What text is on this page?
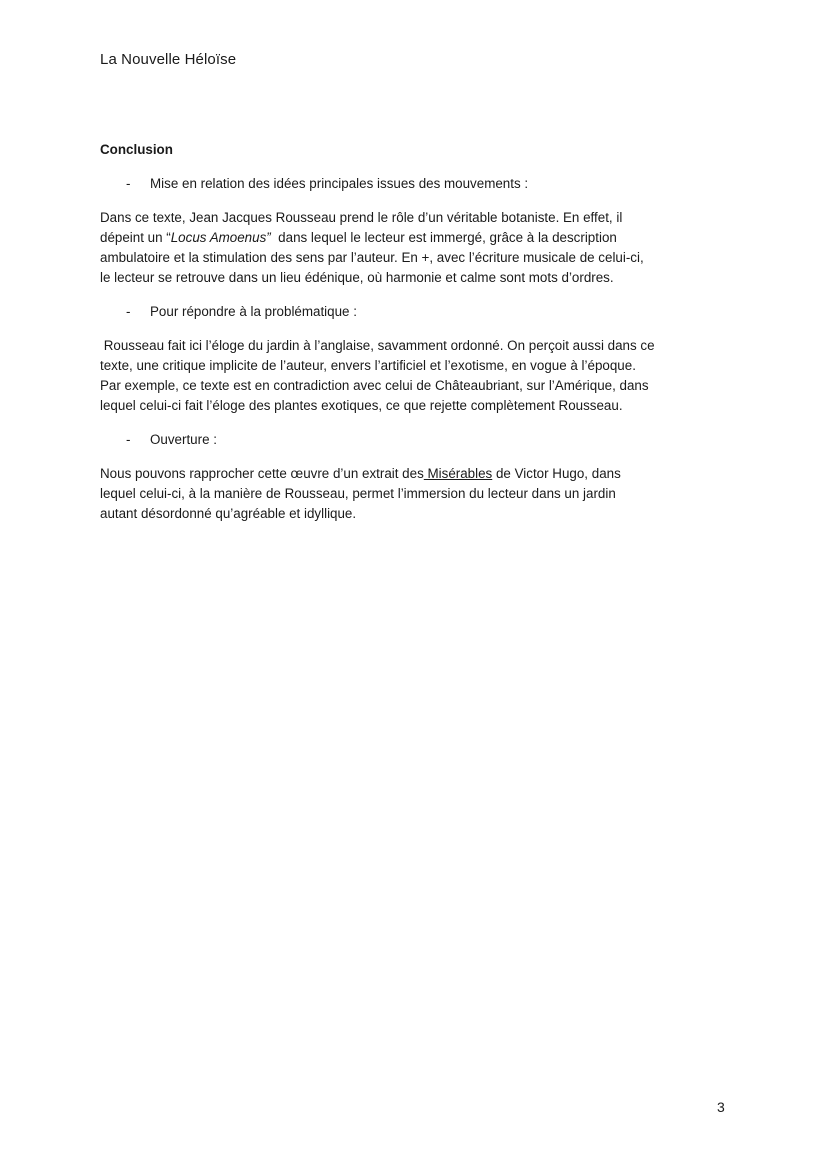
La Nouvelle Héloïse
Conclusion
- Mise en relation des idées principales issues des mouvements :
Dans ce texte, Jean Jacques Rousseau prend le rôle d’un véritable botaniste. En effet, il
dépeint un “Locus Amoenus”  dans lequel le lecteur est immergé, grâce à la description
ambulatoire et la stimulation des sens par l’auteur. En +, avec l’écriture musicale de celui-ci,
le lecteur se retrouve dans un lieu édénique, où harmonie et calme sont mots d’ordres.
- Pour répondre à la problématique :
Rousseau fait ici l’éloge du jardin à l’anglaise, savamment ordonné. On perçoit aussi dans ce
texte, une critique implicite de l’auteur, envers l’artificiel et l’exotisme, en vogue à l’époque.
Par exemple, ce texte est en contradiction avec celui de Châteaubriant, sur l’Amérique, dans
lequel celui-ci fait l’éloge des plantes exotiques, ce que rejette complètement Rousseau.
- Ouverture :
Nous pouvons rapprocher cette œuvre d’un extrait des Misérables de Victor Hugo, dans
lequel celui-ci, à la manière de Rousseau, permet l’immersion du lecteur dans un jardin
autant désordonné qu’agréable et idyllique.
3
